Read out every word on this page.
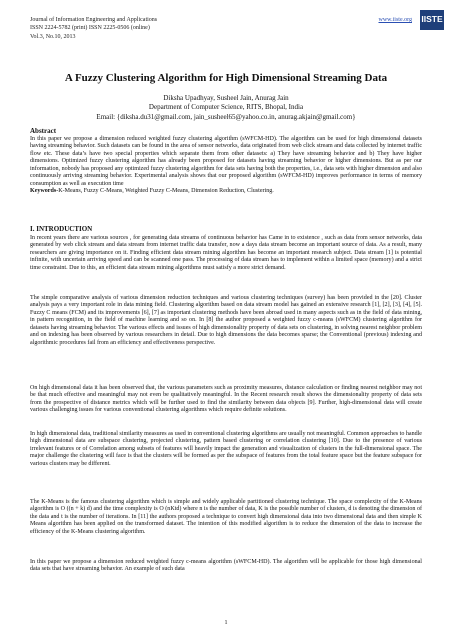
Journal of Information Engineering and Applications
ISSN 2224-5782 (print) ISSN 2225-0506 (online)
Vol.3, No.10, 2013
www.iiste.org IISTE
A Fuzzy Clustering Algorithm for High Dimensional Streaming Data
Diksha Upadhyay, Susheel Jain, Anurag Jain
Department of Computer Science, RITS, Bhopal, India
Email: {diksha.du31@gmail.com, jain_susheel65@yahoo.co.in, anurag.akjain@gmail.com}
Abstract
In this paper we propose a dimension reduced weighted fuzzy clustering algorithm (sWFCM-HD). The algorithm can be used for high dimensional datasets having streaming behavior. Such datasets can be found in the area of sensor networks, data originated from web click stream and data collected by internet traffic flow etc. These data’s have two special properties which separate them from other datasets: a) They have streaming behavior and b) They have higher dimensions. Optimized fuzzy clustering algorithm has already been proposed for datasets having streaming behavior or higher dimensions. But as per our information, nobody has proposed any optimized fuzzy clustering algorithm for data sets having both the properties, i.e., data sets with higher dimension and also continuously arriving streaming behavior. Experimental analysis shows that our proposed algorithm (sWFCM-HD) improves performance in terms of memory consumption as well as execution time
Keywords-K-Means, Fuzzy C-Means, Weighted Fuzzy C-Means, Dimension Reduction, Clustering.
I. INTRODUCTION
In recent years there are various sources , for generating data streams of continuous behavior has Came in to existence , such as data from sensor networks, data generated by web click stream and data stream from internet traffic data transfer, now a days data stream become an important source of data. As a result, many researchers are giving importance on it. Finding efficient data stream mining algorithm has become an important research subject. Data stream [1] is potential infinite, with uncertain arriving speed and can be scanned one pass. The processing of data stream has to implement within a limited space (memory) and a strict time constraint. Due to this, an efficient data stream mining algorithms must satisfy a more strict demand.
The simple comparative analysis of various dimension reduction techniques and various clustering techniques (survey) has been provided in the [20]. Cluster analysis pays a very important role in data mining field. Clustering algorithm based on data stream model has gained an extensive research [1], [2], [3], [4], [5]. Fuzzy C means (FCM) and its improvements [6], [7] as important clustering methods have been abroad used in many aspects such as in the field of data mining, in pattern recognition, in the field of machine learning and so on. In [8] the author proposed a weighted fuzzy c-means (sWFCM) clustering algorithm for datasets having streaming behavior. The various effects and issues of high dimensionality property of data sets on clustering, in solving nearest neighbor problem and on indexing has been observed by various researchers in detail. Due to high dimensions the data becomes sparse; the Conventional (previous) indexing and algorithmic procedures fail from an efficiency and effectiveness perspective.
On high dimensional data it has been observed that, the various parameters such as proximity measures, distance calculation or finding nearest neighbor may not be that much effective and meaningful may not even be qualitatively meaningful. In the Recent research result shows the dimensionality property of data sets from the prospective of distance metrics which will be further used to find the similarity between data objects [9]. Further, high-dimensional data will create various challenging issues for various conventional clustering algorithms which require definite solutions.
In high dimensional data, traditional similarity measures as used in conventional clustering algorithms are usually not meaningful. Common approaches to handle high dimensional data are subspace clustering, projected clustering, pattern based clustering or correlation clustering [10]. Due to the presence of various irrelevant features or of Correlation among subsets of features will heavily impact the generation and visualization of clusters in the full-dimensional space. The major challenge the clustering will face is that the clusters will be formed as per the subspace of features from the total feature space but the feature subspace for various clusters may be different.
The K-Means is the famous clustering algorithm which is simple and widely applicable partitioned clustering technique. The space complexity of the K-Means algorithm is O ((n + k) d) and the time complexity is O (nKtd) where n is the number of data, K is the possible number of clusters, d is denoting the dimension of the data and t is the number of iterations. In [11] the authors proposed a technique to convert high dimensional data into two dimensional data and then simple K Means algorithm has been applied on the transformed dataset. The intention of this modified algorithm is to reduce the dimension of the data to increase the efficiency of the K-Means clustering algorithm.
In this paper we propose a dimension reduced weighted fuzzy c-means algorithm (sWFCM-HD). The algorithm will be applicable for those high dimensional data sets that have streaming behavior. An example of such data
1
